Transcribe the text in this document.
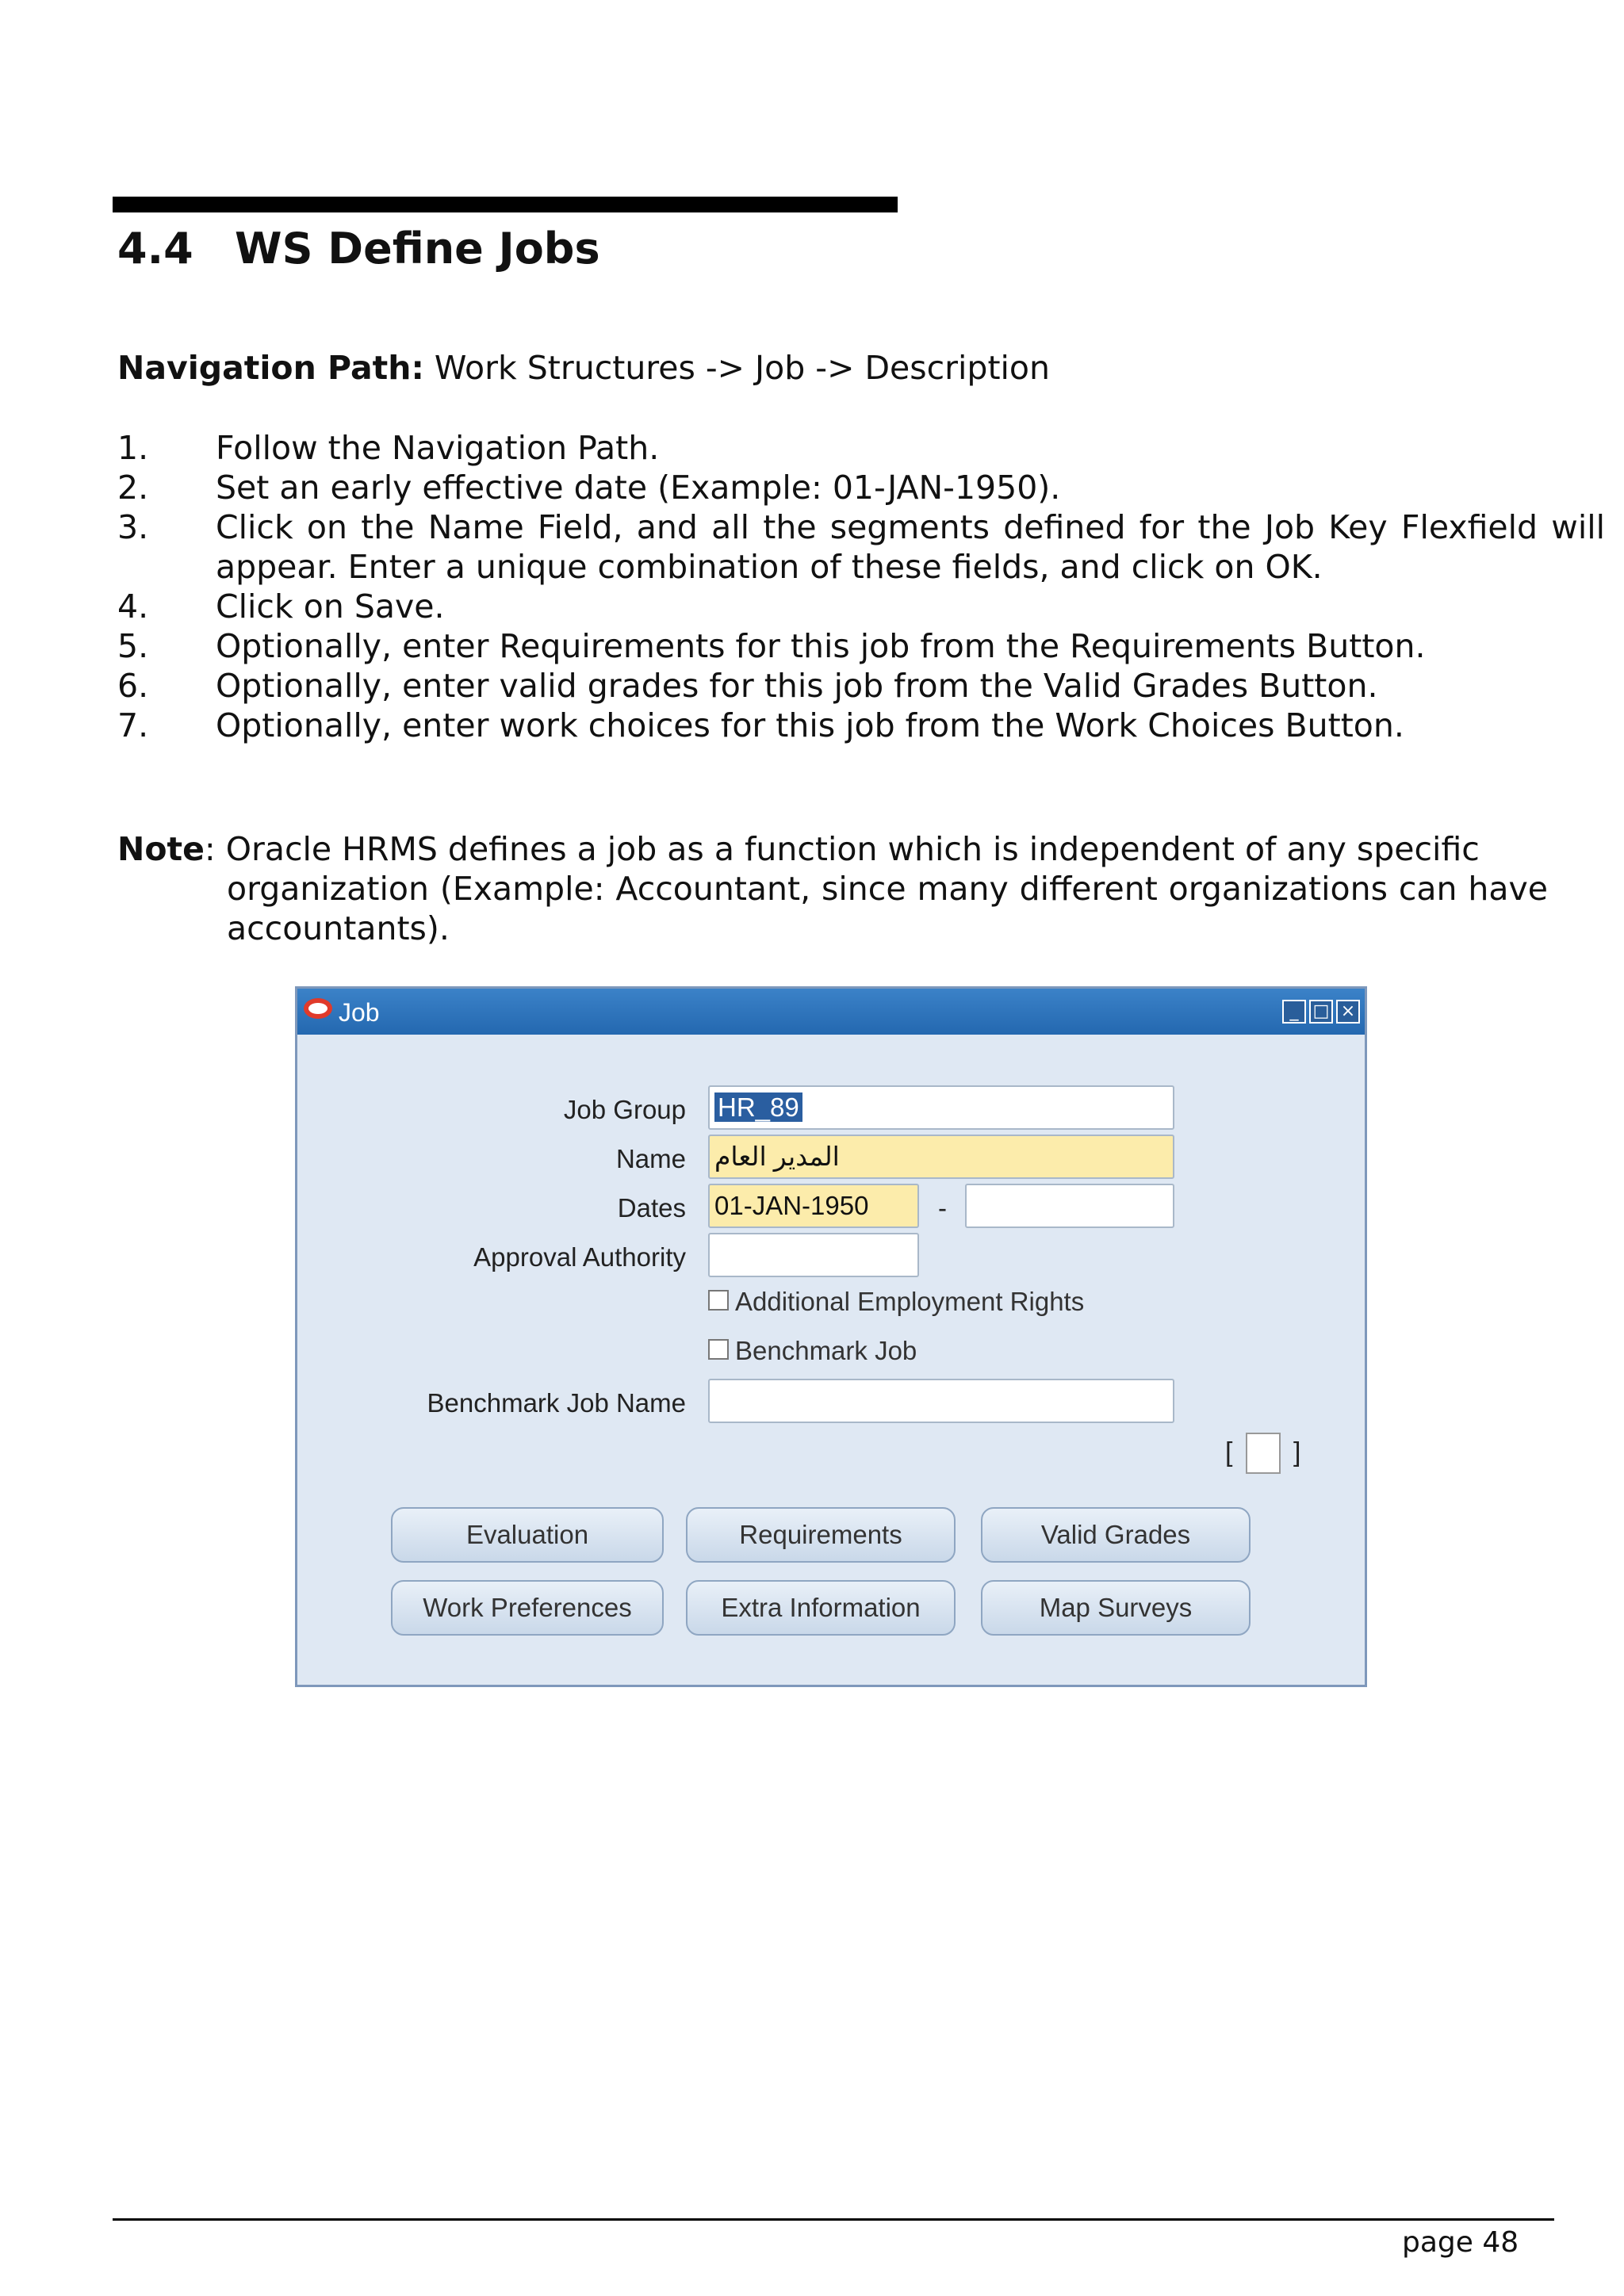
4.4 WS Define Jobs
Navigation Path: Work Structures -> Job -> Description
1. Follow the Navigation Path.
2. Set an early effective date (Example: 01-JAN-1950).
3. Click on the Name Field, and all the segments defined for the Job Key Flexfield will appear. Enter a unique combination of these fields, and click on OK.
4. Click on Save.
5. Optionally, enter Requirements for this job from the Requirements Button.
6. Optionally, enter valid grades for this job from the Valid Grades Button.
7. Optionally, enter work choices for this job from the Work Choices Button.
Note: Oracle HRMS defines a job as a function which is independent of any specific
organization (Example: Accountant, since many different organizations can have accountants).
Job	_ □ ×
Job Group	HR_89
Name المدير العام
Dates 01-JAN-1950	-
Approval Authority
Additional Employment Rights
Benchmark Job
Benchmark Job Name
[ ]
Evaluation	Requirements	Valid Grades
Work Preferences	Extra Information	Map Surveys
page 48
